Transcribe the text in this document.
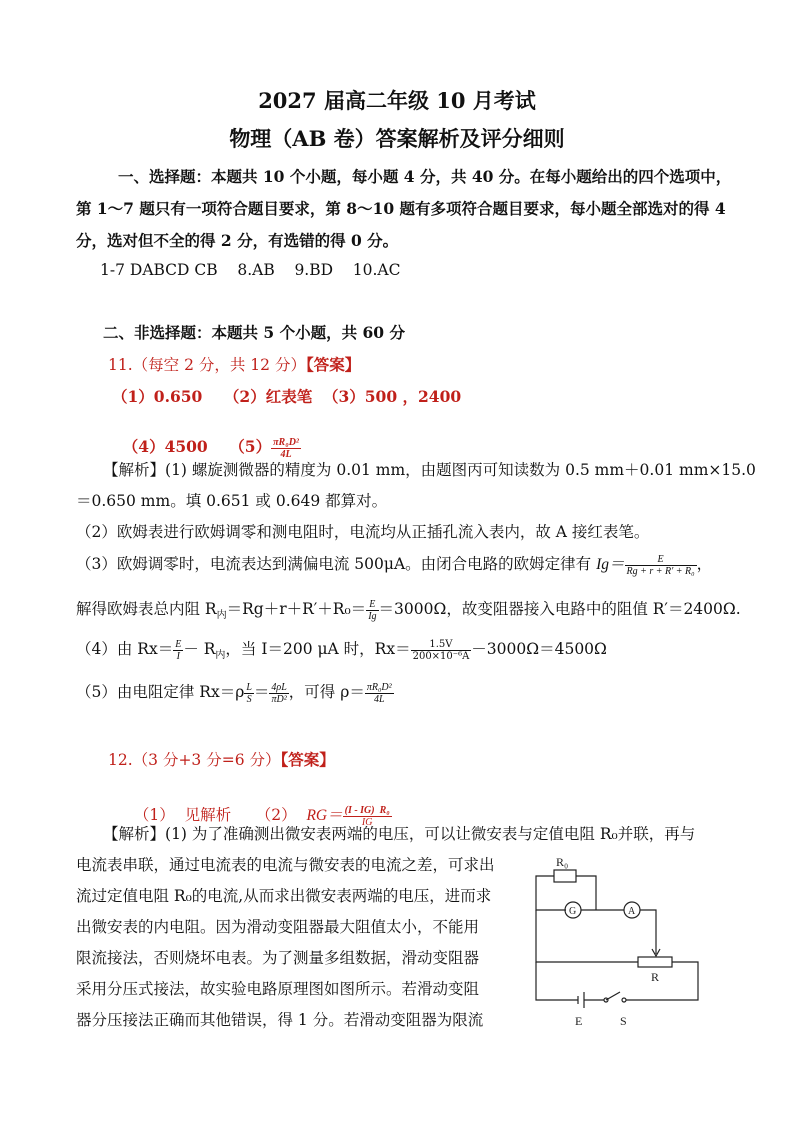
2027 届高二年级 10 月考试
物理（AB 卷）答案解析及评分细则
一、选择题：本题共 10 个小题，每小题 4 分，共 40 分。在每小题给出的四个选项中，
第 1～7 题只有一项符合题目要求，第 8～10 题有多项符合题目要求，每小题全部选对的得 4
分，选对但不全的得 2 分，有选错的得 0 分。
1-7 DABCD CB    8.AB    9.BD    10.AC
二、非选择题：本题共 5 个小题，共 60 分
11.（每空 2 分，共 12 分）【答案】
（1）0.650    （2）红表笔  （3）500 ，2400

（4）4500    $(5) \frac{\text{πR₀D²}}{4L}$

【解析】(1) 螺旋测微器的精度为 0.01 mm，由题图丙可知读数为 0.5 mm＋0.01 mm×15.0
＝0.650 mm。填 0.651 或 0.649 都算对。
（2）欧姆表进行欧姆调零和测电阻时，电流均从正插孔流入表内，故 A 接红表笔。
（3）欧姆调零时，电流表达到满偏电流 500μA。由闭合电路的欧姆定律有 $Ig= \frac{E}{\text{Rg + r + R′ + R₀}}$ ，
解得欧姆表总内阻 $R_内=Rg+r+R'+R_0= \frac{E}{Ig} =3000\Omega$，故变阻器接入电路中的阻值 R′＝2400Ω.
（4）由 $Rx= \frac{E}{I} - R_内$，当 I＝200 μA 时，$Rx= \frac{1.5V}{\text{200×10⁻⁶A}} -3000\Omega=4500\Omega$
（5）由电阻定律 $Rx=\rho \frac{L}{S} = \frac{4\rho L}{\text{πD²}}$ ，可得 $\rho= \frac{\text{πR₀D²}}{4L}$
12.（3 分+3 分=6 分）【答案】

（1）  见解析     （2） $RG= \frac{\text{(I - IG)  R₀}}{IG}$

【解析】(1) 为了准确测出微安表两端的电压，可以让微安表与定值电阻 R₀并联，再与
电流表串联，通过电流表的电流与微安表的电流之差，可求出
流过定值电阻 R₀的电流,从而求出微安表两端的电压，进而求
出微安表的内电阻。因为滑动变阻器最大阻值太小，不能用
限流接法，否则烧坏电表。为了测量多组数据，滑动变阻器
采用分压式接法，故实验电路原理图如图所示。若滑动变阻
器分压接法正确而其他错误，得 1 分。若滑动变阻器为限流
R₀
G	A
R
E	S
